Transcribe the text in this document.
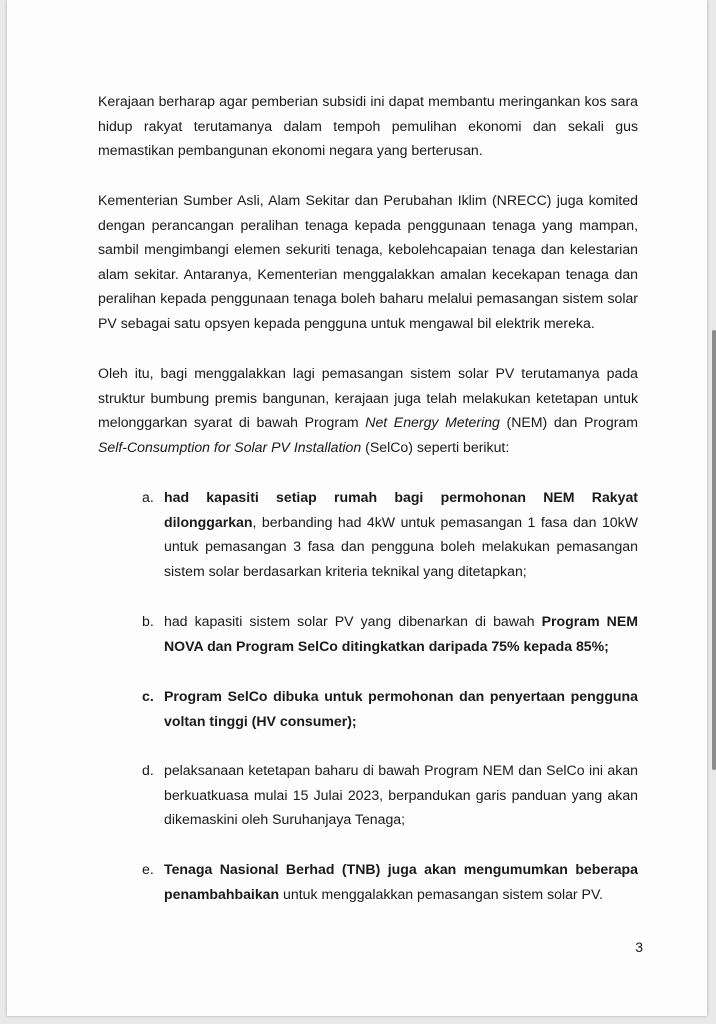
Kerajaan berharap agar pemberian subsidi ini dapat membantu meringankan kos sara
hidup rakyat terutamanya dalam tempoh pemulihan ekonomi dan sekali gus
memastikan pembangunan ekonomi negara yang berterusan.
Kementerian Sumber Asli, Alam Sekitar dan Perubahan Iklim (NRECC) juga komited
dengan perancangan peralihan tenaga kepada penggunaan tenaga yang mampan,
sambil mengimbangi elemen sekuriti tenaga, kebolehcapaian tenaga dan kelestarian
alam sekitar. Antaranya, Kementerian menggalakkan amalan kecekapan tenaga dan
peralihan kepada penggunaan tenaga boleh baharu melalui pemasangan sistem solar
PV sebagai satu opsyen kepada pengguna untuk mengawal bil elektrik mereka.
Oleh itu, bagi menggalakkan lagi pemasangan sistem solar PV terutamanya pada
struktur bumbung premis bangunan, kerajaan juga telah melakukan ketetapan untuk
melonggarkan syarat di bawah Program Net Energy Metering (NEM) dan Program
Self-Consumption for Solar PV Installation (SelCo) seperti berikut:
a. had kapasiti setiap rumah bagi permohonan NEM Rakyat
dilonggarkan, berbanding had 4kW untuk pemasangan 1 fasa dan 10kW
untuk pemasangan 3 fasa dan pengguna boleh melakukan pemasangan
sistem solar berdasarkan kriteria teknikal yang ditetapkan;
b. had kapasiti sistem solar PV yang dibenarkan di bawah Program NEM
NOVA dan Program SelCo ditingkatkan daripada 75% kepada 85%;
c. Program SelCo dibuka untuk permohonan dan penyertaan pengguna
voltan tinggi (HV consumer);
d. pelaksanaan ketetapan baharu di bawah Program NEM dan SelCo ini akan
berkuatkuasa mulai 15 Julai 2023, berpandukan garis panduan yang akan
dikemaskini oleh Suruhanjaya Tenaga;
e. Tenaga Nasional Berhad (TNB) juga akan mengumumkan beberapa
penambahbaikan untuk menggalakkan pemasangan sistem solar PV.
3
